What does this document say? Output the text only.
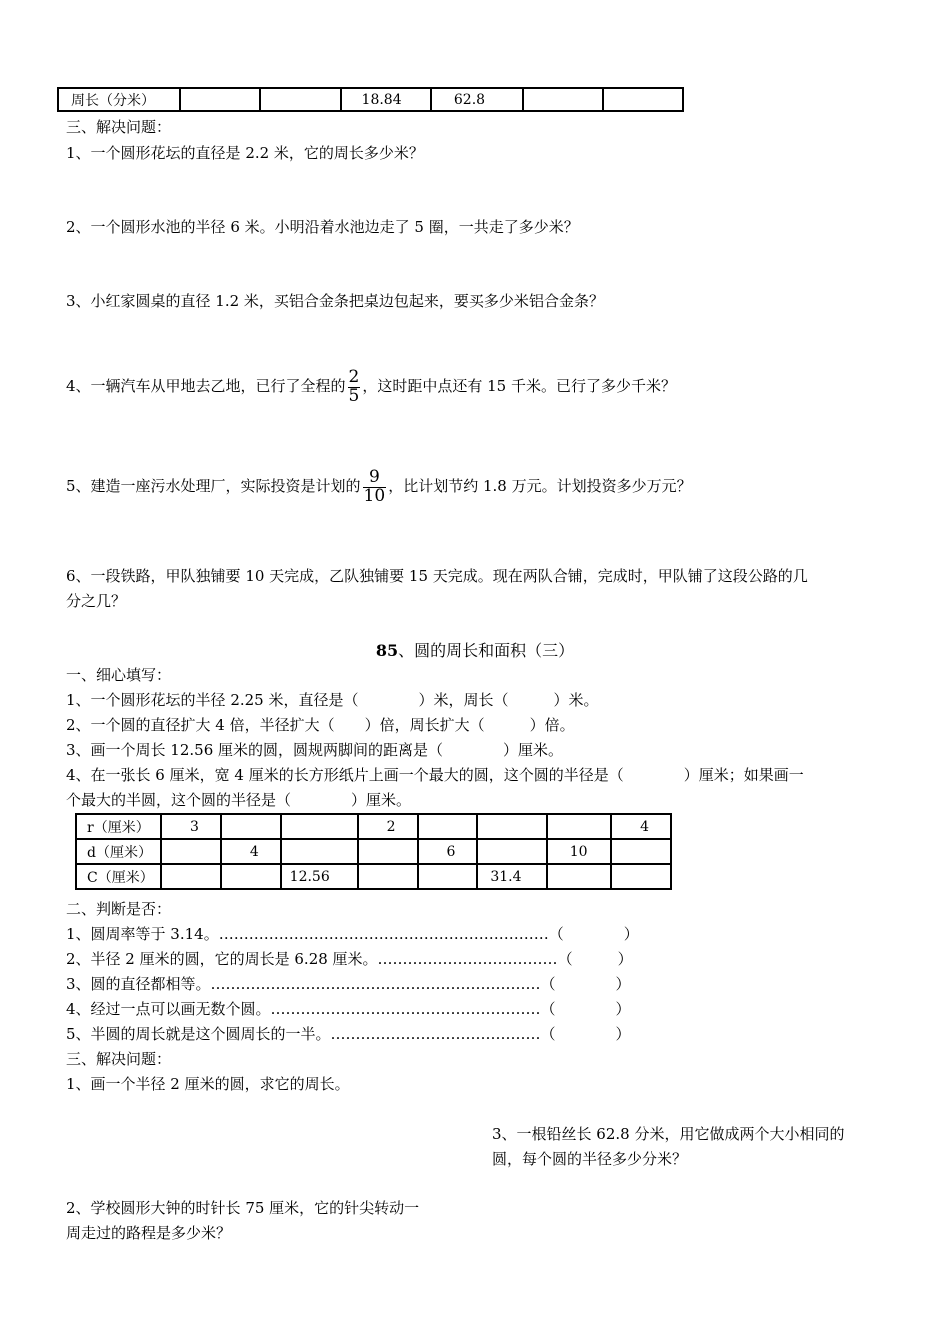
周长（分米）			18.84	62.8		
三、解决问题：
1、一个圆形花坛的直径是 2.2 米，它的周长多少米？
2、一个圆形水池的半径 6 米。小明沿着水池边走了 5 圈，一共走了多少米？
3、小红家圆桌的直径 1.2 米，买铝合金条把桌边包起来，要买多少米铝合金条？
4、一辆汽车从甲地去乙地，已行了全程的 $\frac{2}{5}$ ，这时距中点还有 15 千米。已行了多少千米？
5、建造一座污水处理厂，实际投资是计划的 $\frac{9}{10}$ ，比计划节约 1.8 万元。计划投资多少万元？
6、一段铁路，甲队独铺要 10 天完成，乙队独铺要 15 天完成。现在两队合铺，完成时，甲队铺了这段公路的几
分之几？
85、圆的周长和面积（三）
一、细心填写：
1、一个圆形花坛的半径 2.25 米，直径是（　　　　）米，周长（　　　）米。
2、一个圆的直径扩大 4 倍，半径扩大（　　）倍，周长扩大（　　　）倍。
3、画一个周长 12.56 厘米的圆，圆规两脚间的距离是（　　　　）厘米。
4、在一张长 6 厘米，宽 4 厘米的长方形纸片上画一个最大的圆，这个圆的半径是（　　　　）厘米；如果画一
个最大的半圆，这个圆的半径是（　　　　）厘米。
r（厘米）	3			2				4
d（厘米）		4			6		10	
C（厘米）			12.56			31.4		
二、判断是否：
1、圆周率等于 3.14。…………………………………………………………（　　　　）
2、半径 2 厘米的圆，它的周长是 6.28 厘米。………………………………（　　　）
3、圆的直径都相等。…………………………………………………………（　　　　）
4、经过一点可以画无数个圆。………………………………………………（　　　　）
5、半圆的周长就是这个圆周长的一半。……………………………………（　　　　）
三、解决问题：
1、画一个半径 2 厘米的圆，求它的周长。
3、一根铅丝长 62.8 分米，用它做成两个大小相同的
圆，每个圆的半径多少分米？
2、学校圆形大钟的时针长 75 厘米，它的针尖转动一
周走过的路程是多少米？
